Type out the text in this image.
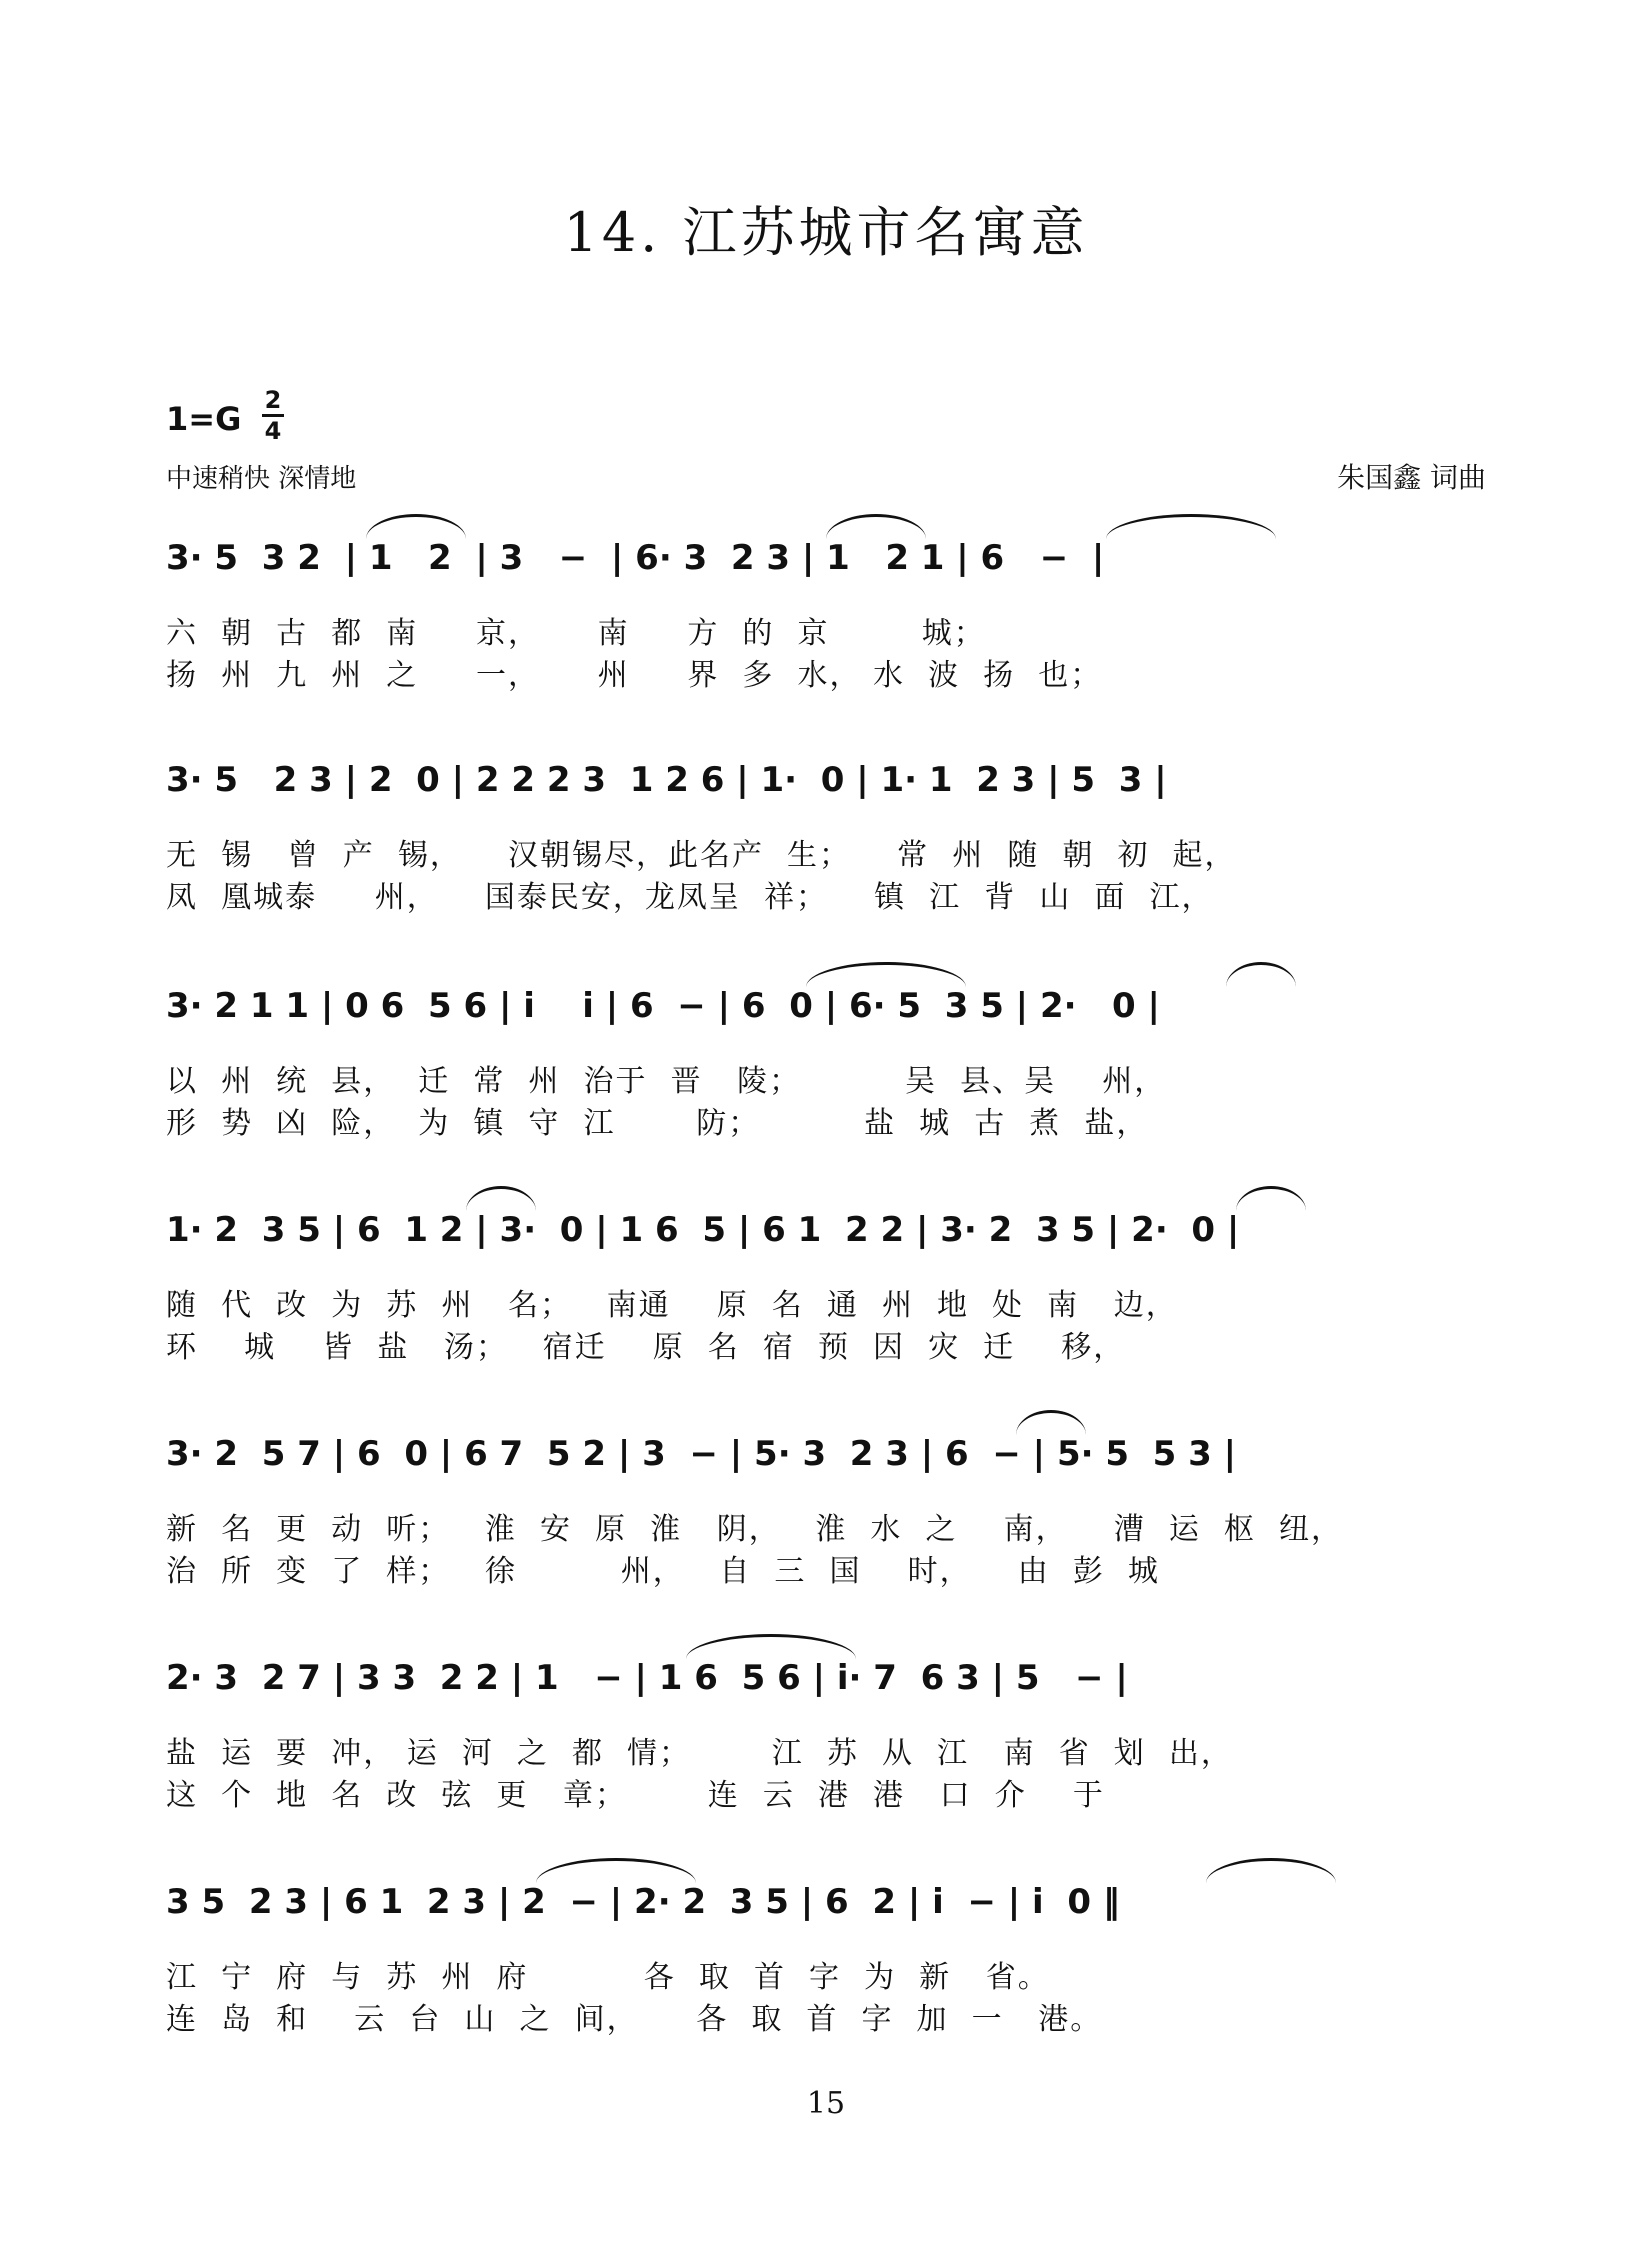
14. 江苏城市名寓意
1=G 2
4
中速稍快 深情地	朱国鑫 词曲
3· 5  3 2  | 1   2  | 3   −  | 6· 3  2 3 | 1   2 1 | 6   −  |
六  朝  古  都  南     京，     南     方  的  京        城；
扬  州  九  州  之     一，     州     界  多  水， 水  波  扬  也；
3· 5   2 3 | 2  0 | 2 2 2 3  1 2 6 | 1·  0 | 1· 1  2 3 | 5  3 |
无  锡   曾  产  锡，    汉朝锡尽，此名产  生；    常  州  随  朝  初  起，
凤  凰城泰     州，    国泰民安，龙凤呈  祥；    镇  江  背  山  面  江，
3· 2 1 1 | 0 6  5 6 | i    i | 6  − | 6  0 | 6· 5  3 5 | 2·   0 |
以  州  统  县，  迁  常  州  治于  晋   陵；         吴  县、吴    州，
形  势  凶  险，  为  镇  守  江       防；         盐  城  古  煮  盐，
1· 2  3 5 | 6  1 2 | 3·  0 | 1 6  5 | 6 1  2 2 | 3· 2  3 5 | 2·  0 |
随  代  改  为  苏  州   名；   南通    原  名  通  州  地  处  南   边，
环    城    皆  盐   汤；   宿迁    原  名  宿  预  因  灾  迁    移，
3· 2  5 7 | 6  0 | 6 7  5 2 | 3  − | 5· 3  2 3 | 6  − | 5· 5  5 3 |
新  名  更  动  听；   淮  安  原  淮   阴，   淮  水  之    南，    漕  运  枢  纽，
治  所  变  了  样；   徐         州，   自  三  国    时，    由  彭  城
2· 3  2 7 | 3 3  2 2 | 1   − | 1 6  5 6 | i· 7  6 3 | 5   − |
盐  运  要  冲， 运  河  之  都  情；       江  苏  从  江   南  省  划  出，
这  个  地  名  改  弦  更   章；       连  云  港  港   口  介    于
3 5  2 3 | 6 1  2 3 | 2  − | 2· 2  3 5 | 6  2 | i  − | i  0 ‖
江  宁  府  与  苏  州  府          各  取  首  字  为  新   省。
连  岛  和    云  台  山  之  间，     各  取  首  字  加  一   港。
15
